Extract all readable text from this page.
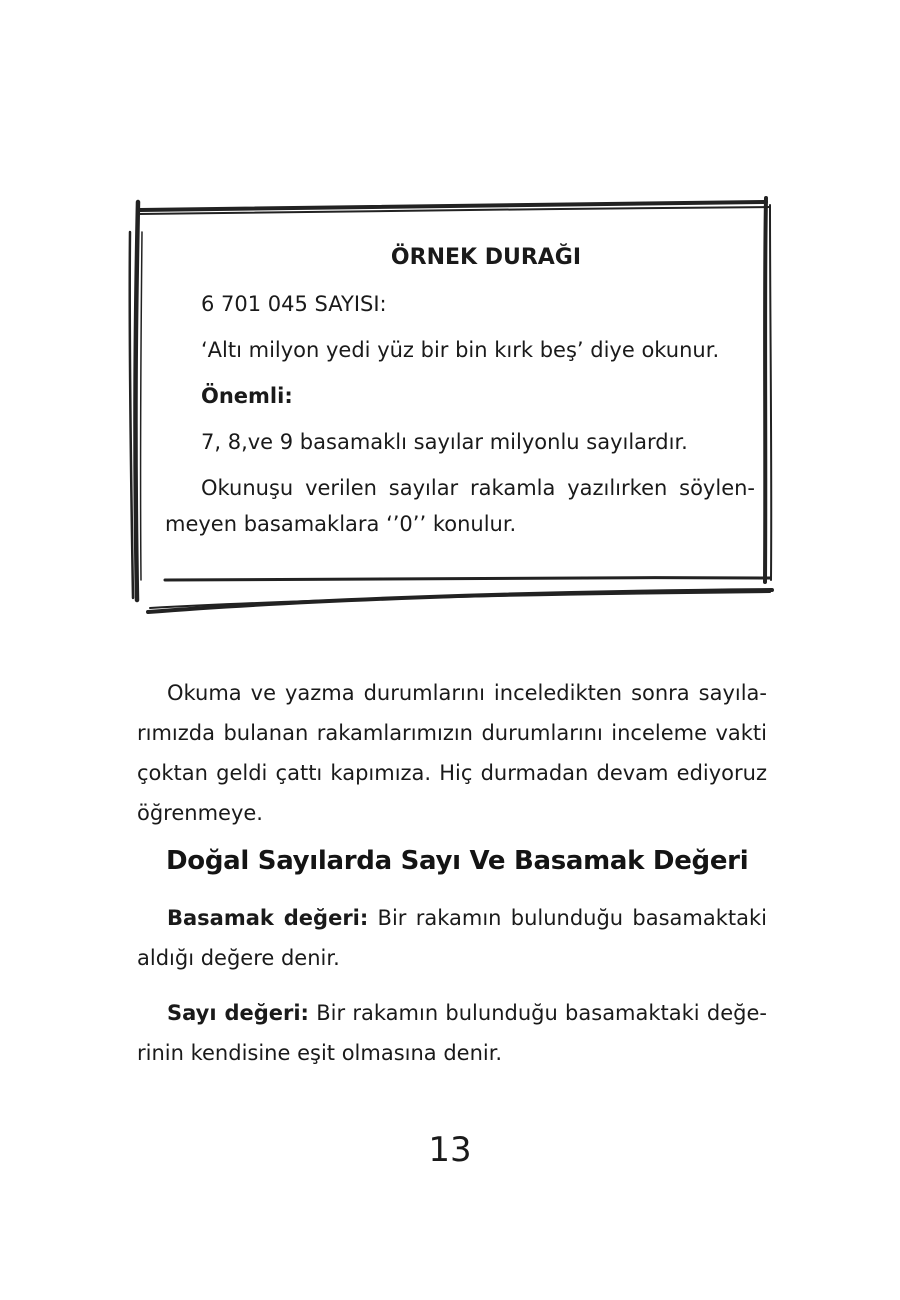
ÖRNEK DURAĞI

6 701 045 SAYISI:

‘Altı milyon yedi yüz bir bin kırk beş’ diye okunur.

Önemli:

7, 8,ve 9 basamaklı sayılar milyonlu sayılardır.

Okunuşu verilen sayılar rakamla yazılırken söylen-meyen basamaklara ‘’0’’ konulur.

Okuma ve yazma durumlarını inceledikten sonra sayıla-rımızda bulanan rakamlarımızın durumlarını inceleme vakti çoktan geldi çattı kapımıza. Hiç durmadan devam ediyoruz öğrenmeye.

Doğal Sayılarda Sayı Ve Basamak Değeri

Basamak değeri: Bir rakamın bulunduğu basamaktaki aldığı değere denir.

Sayı değeri: Bir rakamın bulunduğu basamaktaki değe-rinin kendisine eşit olmasına denir.

13
